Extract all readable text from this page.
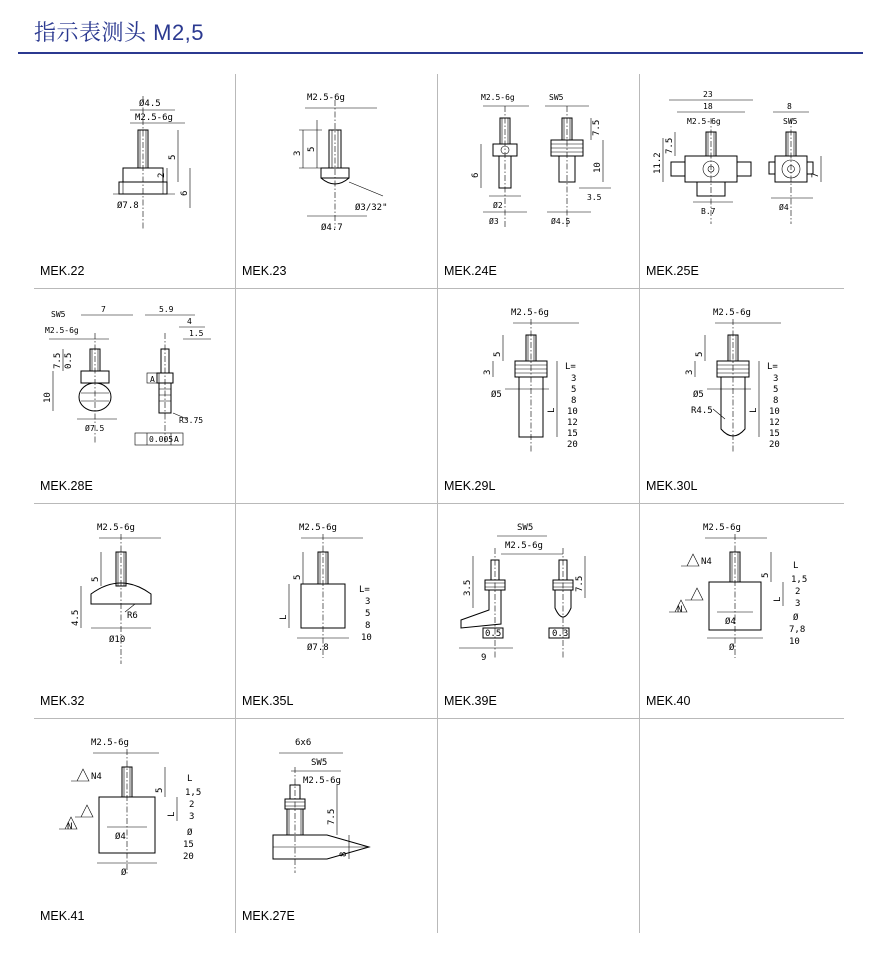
指示表测头 M2,5
Ø4.5
M2.5-6g
5
2
6
Ø7.8
MEK.22
M2.5-6g
3
5
Ø3/32"
Ø4.7
MEK.23
M2.5-6g	SW5
6
Ø2
Ø3
7.5
10
3.5
Ø4.5
MEK.24E
23
18
M2.5-6g
11.2
7.5
B.7
8
SW5
7
Ø4
MEK.25E
SW5
7
M2.5-6g
7.5
10
0.5
Ø7.5
5.9
4
1.5
A
R3.75
0.005 A
MEK.28E
M2.5-6g
5
3
Ø5
L
L=
3
5
8
10
12
15
20
MEK.29L
M2.5-6g
5
3
Ø5
R4.5	L
L=
3
5
8
10
12
15
20
MEK.30L
M2.5-6g
5
4.5	R6
Ø10
MEK.32
M2.5-6g
5
L
Ø7.8
L=
3
5
8
10
MEK.35L
SW5
M2.5-6g
3.5
0.5
9
7.5
0.3
MEK.39E
M2.5-6g
5
L
L
1,5
2
3
Ø
7,8
10
N4
N
Ø4
Ø
MEK.40
M2.5-6g
5
L
L
1,5
2
3
Ø
15
20
N4
N
Ø4
Ø
MEK.41
6x6
SW5
M2.5-6g
7.5
8
MEK.27E
